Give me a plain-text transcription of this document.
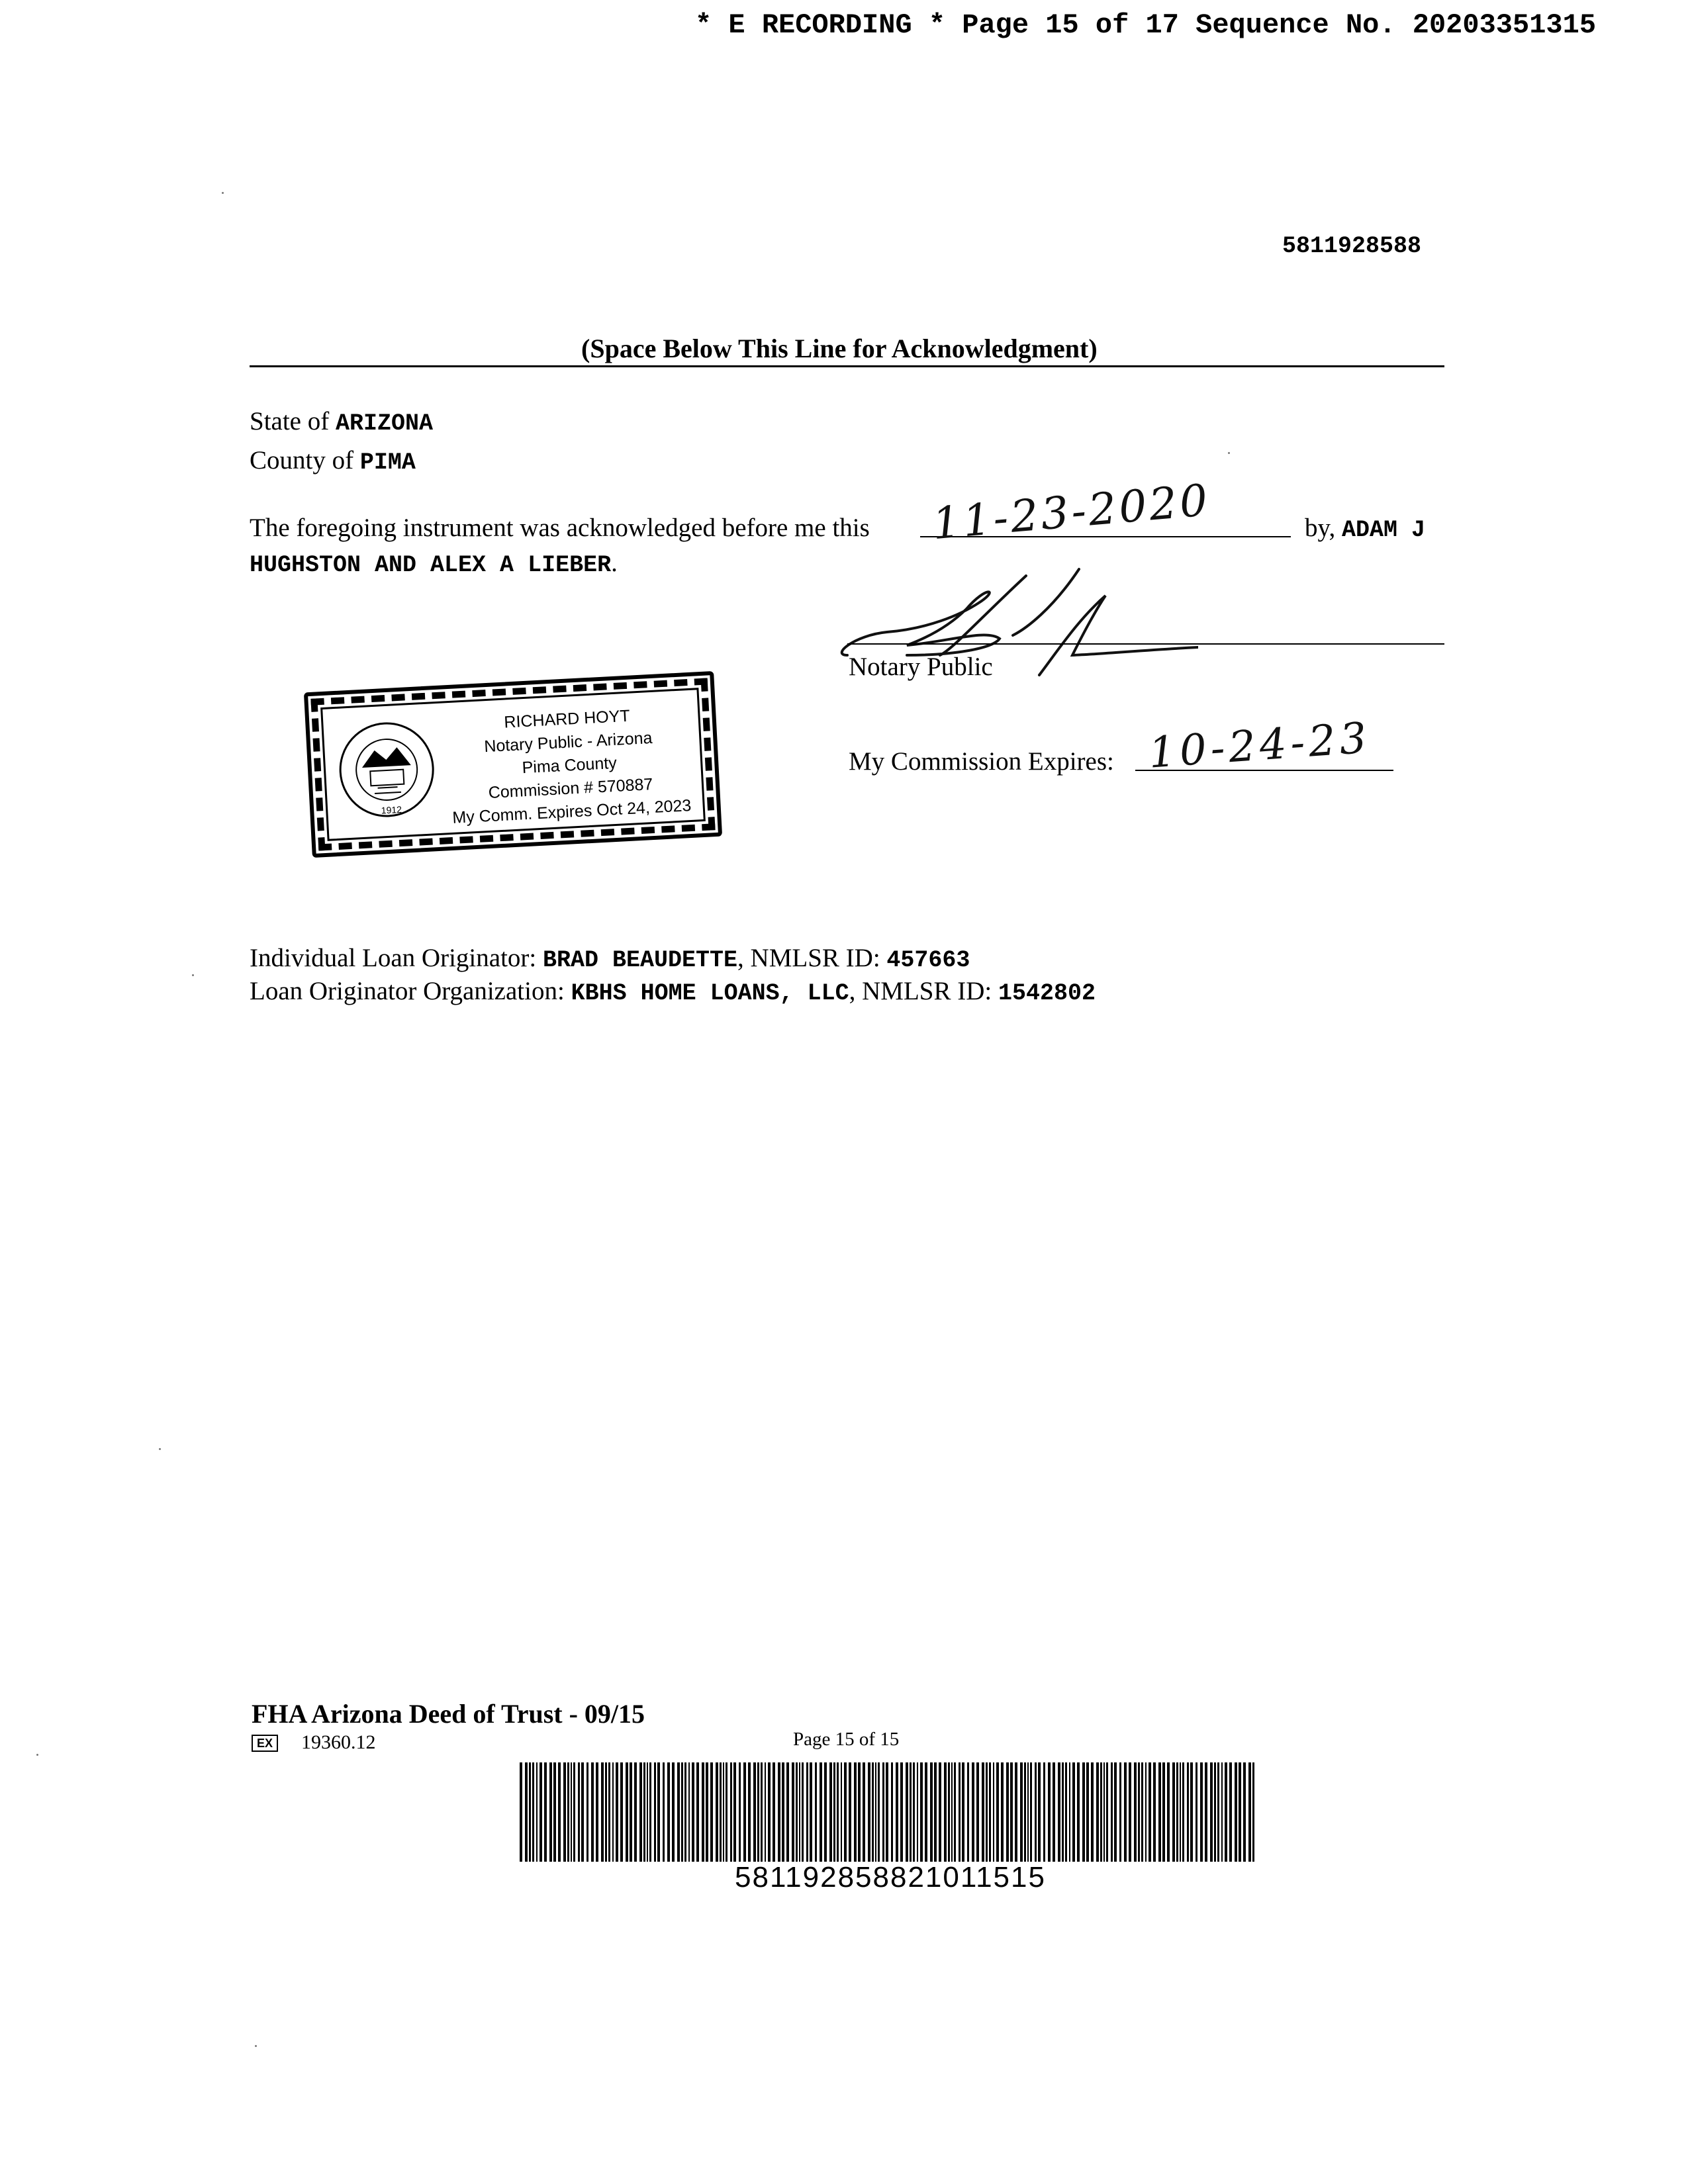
* E RECORDING * Page 15 of 17 Sequence No. 20203351315
5811928588
(Space Below This Line for Acknowledgment)
State of ARIZONA
County of PIMA
The foregoing instrument was acknowledged before me this 11-23-2020	by, ADAM J
HUGHSTON AND ALEX A LIEBER.
Notary Public
My Commission Expires: 10-24-23
1912
RICHARD HOYT
Notary Public - Arizona
Pima County
Commission # 570887
My Comm. Expires Oct 24, 2023
Individual Loan Originator: BRAD BEAUDETTE, NMLSR ID: 457663
Loan Originator Organization: KBHS HOME LOANS, LLC, NMLSR ID: 1542802
FHA Arizona Deed of Trust - 09/15
EX 19360.12	Page 15 of 15
581192858821011515
